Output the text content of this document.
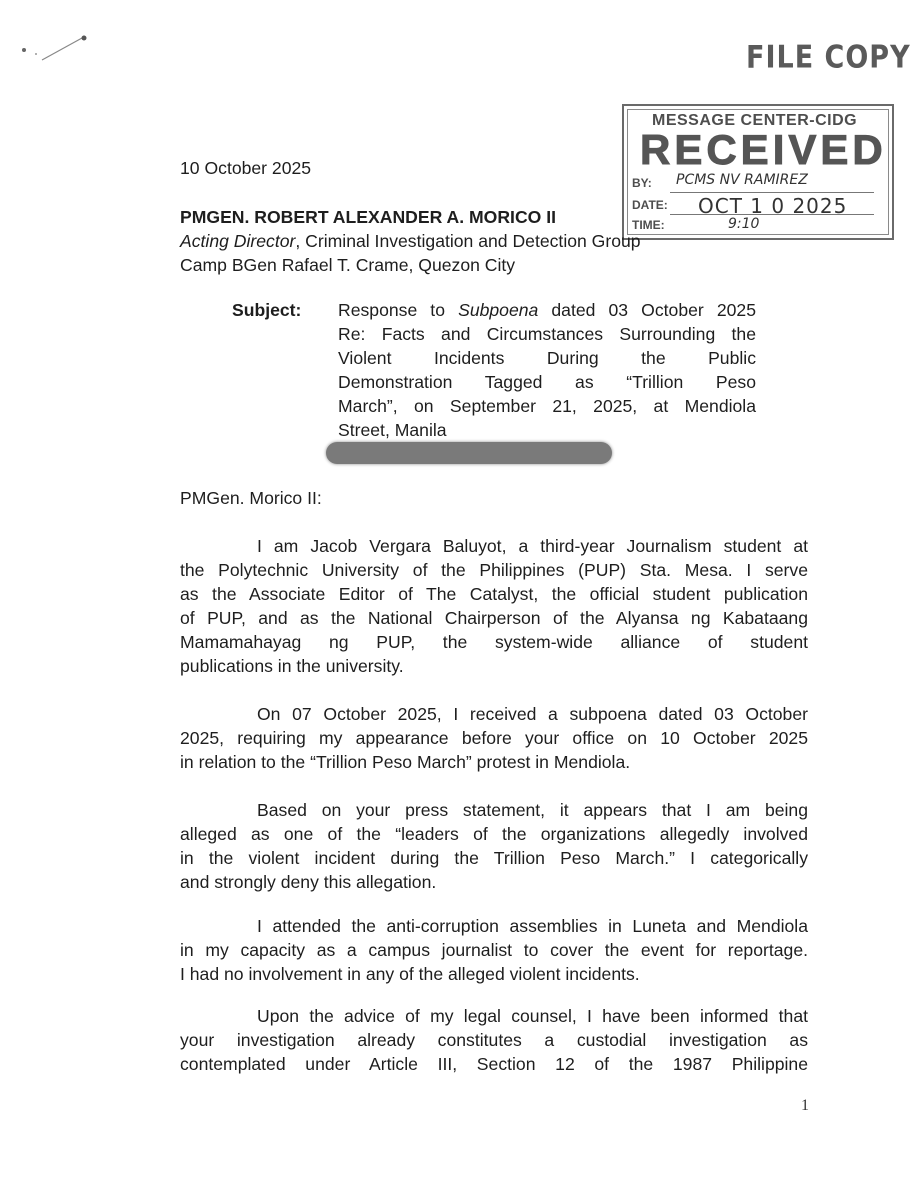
FILE COPY
MESSAGE CENTER-CIDG
RECEIVED
BY: PCMS NV RAMIREZ
DATE: OCT 1 0 2025
TIME:	9:10
10 October 2025
PMGEN. ROBERT ALEXANDER A. MORICO II
Acting Director, Criminal Investigation and Detection Group
Camp BGen Rafael T. Crame, Quezon City
Subject: Response to Subpoena dated 03 October 2025
Re: Facts and Circumstances Surrounding the
Violent Incidents During the Public
Demonstration Tagged as “Trillion Peso
March”, on September 21, 2025, at Mendiola
Street, Manila
PMGen. Morico II:
I am Jacob Vergara Baluyot, a third-year Journalism student at
the Polytechnic University of the Philippines (PUP) Sta. Mesa. I serve
as the Associate Editor of The Catalyst, the official student publication
of PUP, and as the National Chairperson of the Alyansa ng Kabataang
Mamamahayag ng PUP, the system-wide alliance of student
publications in the university.
On 07 October 2025, I received a subpoena dated 03 October
2025, requiring my appearance before your office on 10 October 2025
in relation to the “Trillion Peso March” protest in Mendiola.
Based on your press statement, it appears that I am being
alleged as one of the “leaders of the organizations allegedly involved
in the violent incident during the Trillion Peso March.” I categorically
and strongly deny this allegation.
I attended the anti-corruption assemblies in Luneta and Mendiola
in my capacity as a campus journalist to cover the event for reportage.
I had no involvement in any of the alleged violent incidents.
Upon the advice of my legal counsel, I have been informed that
your investigation already constitutes a custodial investigation as
contemplated under Article III, Section 12 of the 1987 Philippine
1
